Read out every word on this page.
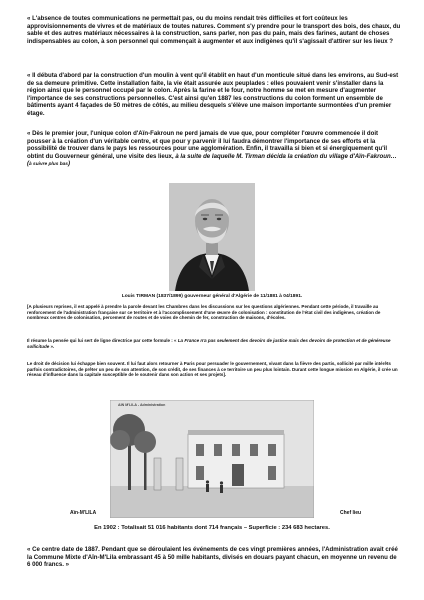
« L'absence de toutes communications ne permettait pas, ou du moins rendait très difficiles et fort coûteux les approvisionnements de vivres et de matériaux de toutes natures. Comment s'y prendre pour le transport des bois, des chaux, du sable et des autres matériaux nécessaires à la construction, sans parler, non pas du pain, mais des farines, autant de choses indispensables au colon, à son personnel qui commençait à augmenter et aux indigènes qu'il s'agissait d'attirer sur les lieux ?

« Il débuta d'abord par la construction d'un moulin à vent qu'il établit en haut d'un monticule situé dans les environs, au Sud-est de sa demeure primitive. Cette installation faite, la vie était assurée aux peuplades : elles pouvaient venir s'installer dans la région ainsi que le personnel occupé par le colon. Après la farine et le four, notre homme se met en mesure d'augmenter l'importance de ses constructions personnelles. C'est ainsi qu'en 1887 les constructions du colon forment un ensemble de bâtiments ayant 4 façades de 50 mètres de côtés, au milieu desquels s'élève une maison importante surmontées d'un premier étage.

« Dès le premier jour, l'unique colon d'Aïn-Fakroun ne perd jamais de vue que, pour compléter l'œuvre commencée il doit pousser à la création d'un véritable centre, et que pour y parvenir il lui faudra démontrer l'importance de ses efforts et la possibilité de trouver dans le pays les ressources pour une agglomération. Enfin, il travailla si bien et si énergiquement qu'il obtint du Gouverneur général, une visite des lieux, à la suite de laquelle M. Tirman décida la création du village d'Aïn-Fakroun…(à suivre plus bas)

Louis TIRMAN (1837/1899) gouverneur général d'Algérie de 11/1881 à 04/1891.

[A plusieurs reprises, il est appelé à prendre la parole devant les Chambres dans les discussions sur les questions algériennes. Pendant cette période, il travaille au renforcement de l'administration française sur ce territoire et à l'accomplissement d'une œuvre de colonisation : constitution de l'état civil des indigènes, création de nombreux centres de colonisation, percement de routes et de voies de chemin de fer, construction de maisons, d'écoles.

Il résume la pensée qui lui sert de ligne directrice par cette formule : « La France n'a pas seulement des devoirs de justice mais des devoirs de protection et de généreuse sollicitude ».

Le droit de décision lui échappe bien souvent. Il lui faut alors retourner à Paris pour persuader le gouvernement, vivant dans la fièvre des partis, sollicité par mille intérêts parfois contradictoires, de prêter un peu de son attention, de son crédit, de ses finances à ce territoire un peu plus lointain. Durant cette longue mission en Algérie, il crée un réseau d'influence dans la capitale susceptible de le soutenir dans son action et ses projets].

AIN M'LILA - Administration
Aïn-M'LILA	Chef lieu

En 1902 : Totalisait 51 016 habitants dont 714 français – Superficie : 234 683 hectares.

« Ce centre date de 1887. Pendant que se déroulaient les événements de ces vingt premières années, l'Administration avait créé la Commune Mixte d'Aïn-M'Lila embrassant 45 à 50 mille habitants, divisés en douars payant chacun, en moyenne un revenu de 6 000 francs. »
